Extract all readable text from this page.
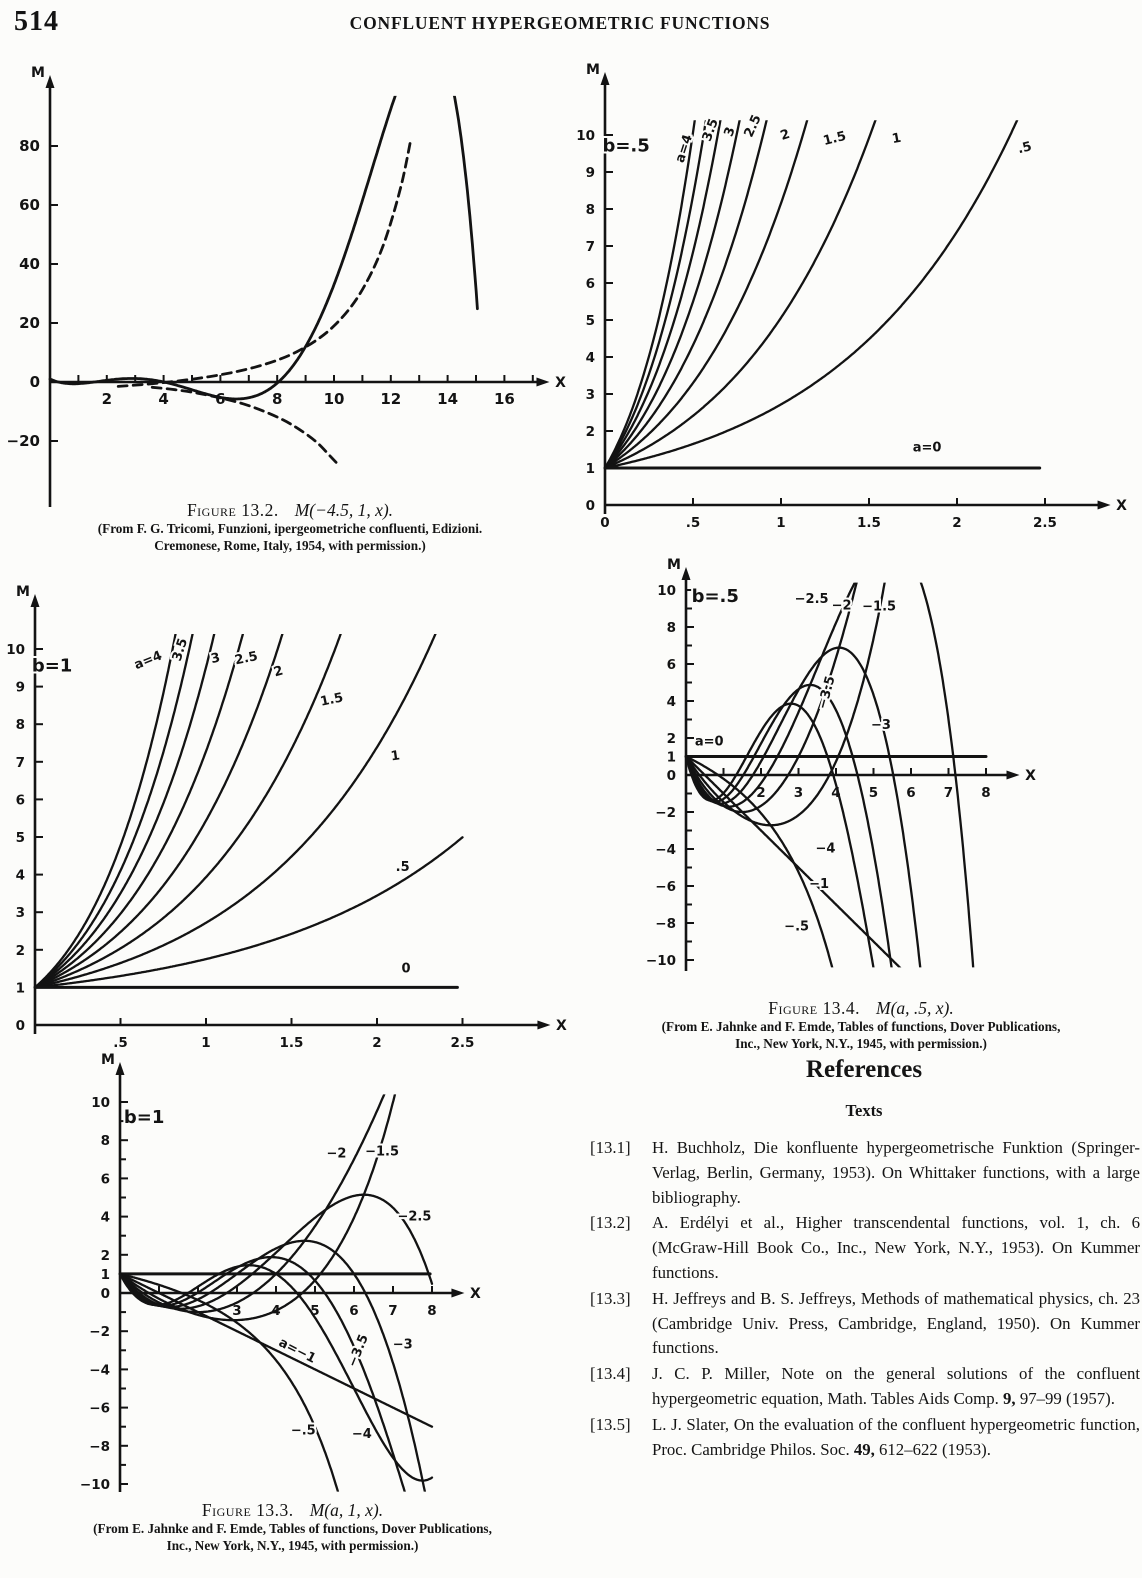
514	CONFLUENT HYPERGEOMETRIC FUNCTIONS
M
X
2	4	6	8	10 12 14 16
−20
0
20
40
60
80
M
X
0	.5	1	1.5	2	2.5
0
1
2
3
4
5
6
7
8
9
10 b=.5 a=4
3.5 3 2.5 2 1.5	1
.5
a=0
M
X
.5	1	1.5	2	2.5
0
1
2
3
4
5
6
7
8
9
10
b=1	a=4 3.5 3 2.5
2
1.5
1
.5
0
M
X
2 3 4 5 6 7 8
10
8
6
4
2
1
0
−2
−4
−6
−8
−10
b=.5	−2.5 −2 −1.5
−3.5
−3
a=0
−4
−1
−.5
M
X
3 4 5 6 7 8
10
8
6
4
2
1
0
−2
−4
−6
−8
−10
b=1
−2 −1.5
−2.5
a=−1 −3.5 −3
−.5	−4
Figure 13.2. M(−4.5, 1, x).
(From F. G. Tricomi, Funzioni, ipergeometriche confluenti, Edizioni.
Cremonese, Rome, Italy, 1954, with permission.)
Figure 13.4. M(a, .5, x).
(From E. Jahnke and F. Emde, Tables of functions, Dover Publications,
Inc., New York, N.Y., 1945, with permission.)
Figure 13.3. M(a, 1, x).
(From E. Jahnke and F. Emde, Tables of functions, Dover Publications,
Inc., New York, N.Y., 1945, with permission.)
References
Texts
[13.1] H. Buchholz, Die konfluente hypergeometrische Funktion (Springer-Verlag, Berlin, Germany, 1953). On Whittaker functions, with a large bibliography.
[13.2] A. Erdélyi et al., Higher transcendental functions, vol. 1, ch. 6 (McGraw-Hill Book Co., Inc., New York, N.Y., 1953). On Kummer functions.
[13.3] H. Jeffreys and B. S. Jeffreys, Methods of mathematical physics, ch. 23 (Cambridge Univ. Press, Cambridge, England, 1950). On Kummer functions.
[13.4] J. C. P. Miller, Note on the general solutions of the confluent hypergeometric equation, Math. Tables Aids Comp. 9, 97–99 (1957).
[13.5] L. J. Slater, On the evaluation of the confluent hypergeometric function, Proc. Cambridge Philos. Soc. 49, 612–622 (1953).
